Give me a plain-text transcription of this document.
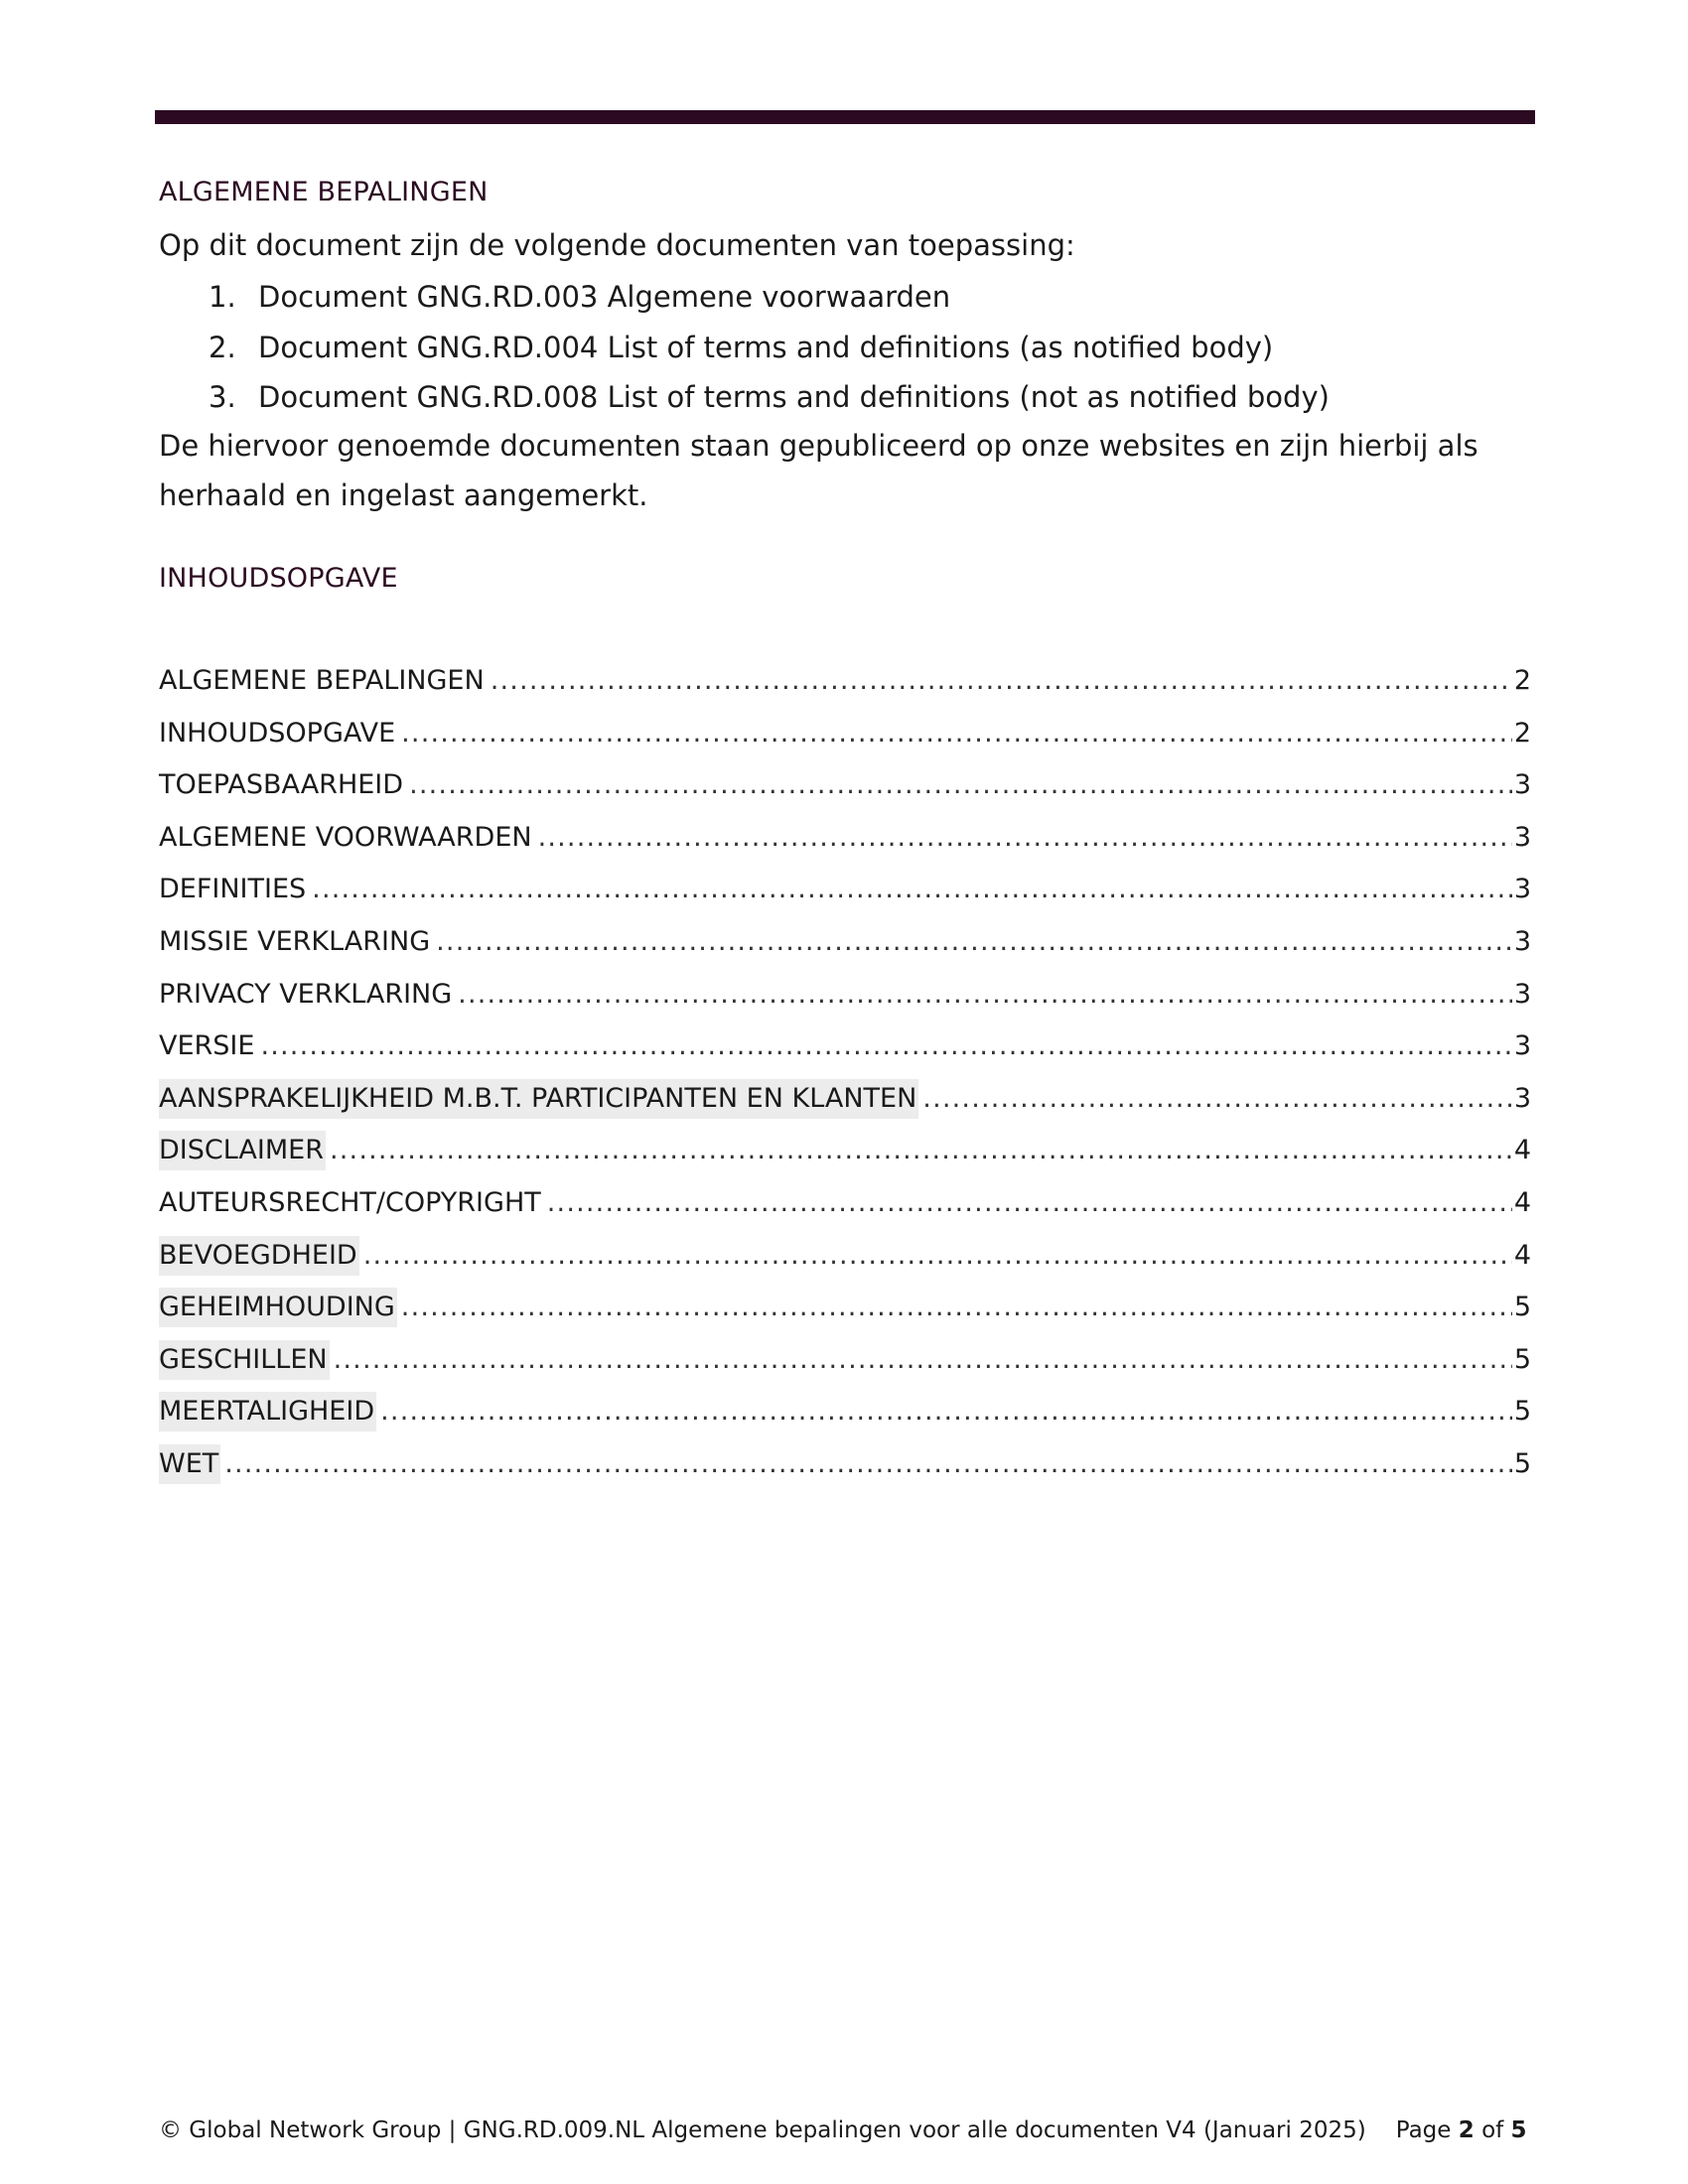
ALGEMENE BEPALINGEN
Op dit document zijn de volgende documenten van toepassing:
1. Document GNG.RD.003 Algemene voorwaarden
2. Document GNG.RD.004 List of terms and definitions (as notified body)
3. Document GNG.RD.008 List of terms and definitions (not as notified body)
De hiervoor genoemde documenten staan gepubliceerd op onze websites en zijn hierbij als herhaald en ingelast aangemerkt.
INHOUDSOPGAVE
ALGEMENE BEPALINGEN .....	2
INHOUDSOPGAVE .....	2
TOEPASBAARHEID .....	3
ALGEMENE VOORWAARDEN .....	3
DEFINITIES .....	3
MISSIE VERKLARING .....	3
PRIVACY VERKLARING .....	3
VERSIE .....	3
AANSPRAKELIJKHEID M.B.T. PARTICIPANTEN EN KLANTEN .....	3
DISCLAIMER .....	4
AUTEURSRECHT/COPYRIGHT .....	4
BEVOEGDHEID .....	4
GEHEIMHOUDING .....	5
GESCHILLEN .....	5
MEERTALIGHEID .....	5
WET .....	5
© Global Network Group | GNG.RD.009.NL Algemene bepalingen voor alle documenten V4 (Januari 2025) Page 2 of 5
